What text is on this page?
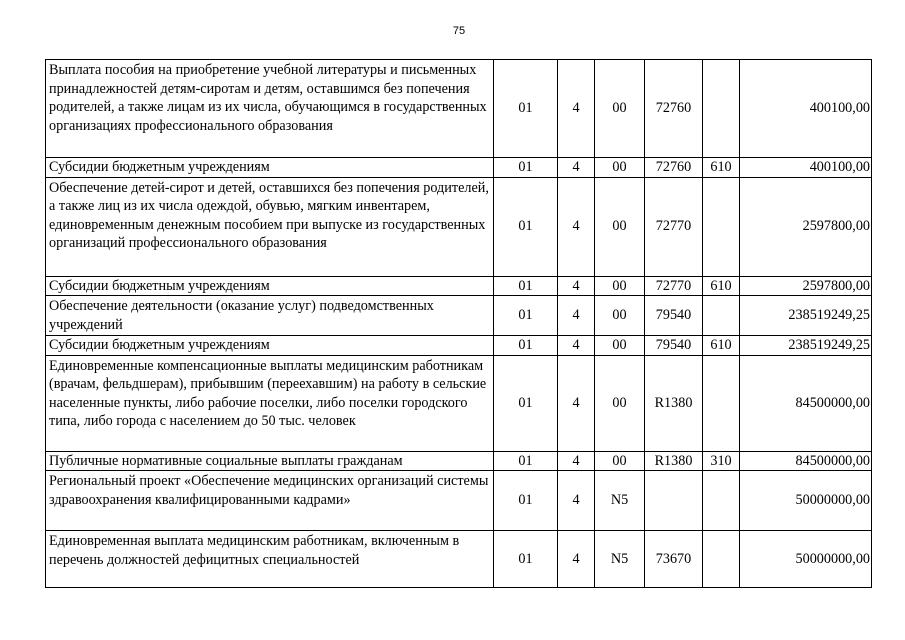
75
Выплата пособия на приобретение учебной литературы и письменных принадлежностей детям-сиротам и детям, оставшимся без попечения родителей, а также лицам из их числа, обучающимся в государственных организациях профессионального образования	01	4	00	72760		400100,00
Субсидии бюджетным учреждениям	01	4	00	72760	610	400100,00
Обеспечение детей-сирот и детей, оставшихся без попечения родителей, а также лиц из их числа одеждой, обувью, мягким инвентарем, единовременным денежным пособием при выпуске из государственных организаций профессионального образования	01	4	00	72770		2597800,00
Субсидии бюджетным учреждениям	01	4	00	72770	610	2597800,00
Обеспечение деятельности (оказание услуг) подведомственных учреждений	01	4	00	79540		238519249,25
Субсидии бюджетным учреждениям	01	4	00	79540	610	238519249,25
Единовременные компенсационные выплаты медицинским работникам (врачам, фельдшерам), прибывшим (переехавшим) на работу в сельские населенные пункты, либо рабочие поселки, либо поселки городского типа, либо города с населением до 50 тыс. человек	01	4	00	R1380		84500000,00
Публичные нормативные социальные выплаты гражданам	01	4	00	R1380	310	84500000,00
Региональный проект «Обеспечение медицинских организаций системы здравоохранения квалифицированными кадрами»	01	4	N5			50000000,00
Единовременная выплата медицинским работникам, включенным в перечень должностей дефицитных специальностей	01	4	N5	73670		50000000,00
